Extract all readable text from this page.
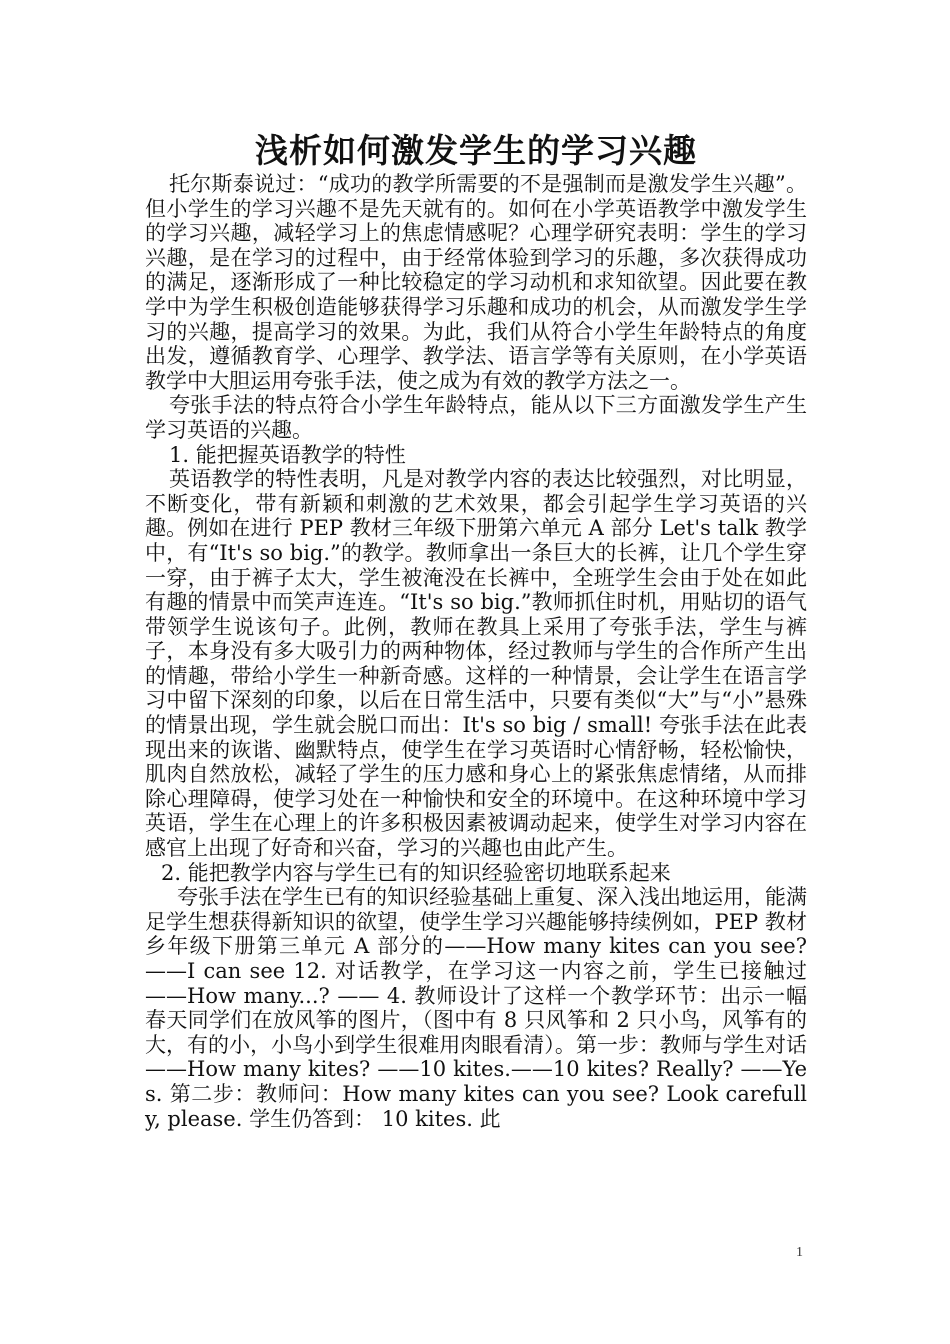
浅析如何激发学生的学习兴趣

托尔斯泰说过：“成功的教学所需要的不是强制而是激发学生兴趣”。但小学生的学习兴趣不是先天就有的。如何在小学英语教学中激发学生的学习兴趣，减轻学习上的焦虑情感呢？心理学研究表明：学生的学习兴趣，是在学习的过程中，由于经常体验到学习的乐趣，多次获得成功的满足，逐渐形成了一种比较稳定的学习动机和求知欲望。因此要在教学中为学生积极创造能够获得学习乐趣和成功的机会，从而激发学生学习的兴趣，提高学习的效果。为此，我们从符合小学生年龄特点的角度出发，遵循教育学、心理学、教学法、语言学等有关原则，在小学英语教学中大胆运用夸张手法，使之成为有效的教学方法之一。

夸张手法的特点符合小学生年龄特点，能从以下三方面激发学生产生学习英语的兴趣。

1. 能把握英语教学的特性

英语教学的特性表明，凡是对教学内容的表达比较强烈，对比明显，不断变化，带有新颖和刺激的艺术效果，都会引起学生学习英语的兴趣。例如在进行 PEP 教材三年级下册第六单元 A 部分 Let's talk 教学中，有“It's so big.”的教学。教师拿出一条巨大的长裤，让几个学生穿一穿，由于裤子太大，学生被淹没在长裤中，全班学生会由于处在如此有趣的情景中而笑声连连。“It's so big.”教师抓住时机，用贴切的语气带领学生说该句子。此例，教师在教具上采用了夸张手法，学生与裤子，本身没有多大吸引力的两种物体，经过教师与学生的合作所产生出的情趣，带给小学生一种新奇感。这样的一种情景，会让学生在语言学习中留下深刻的印象，以后在日常生活中，只要有类似“大”与“小”悬殊的情景出现，学生就会脱口而出：It's so big / small! 夸张手法在此表现出来的诙谐、幽默特点，使学生在学习英语时心情舒畅，轻松愉快，肌肉自然放松，减轻了学生的压力感和身心上的紧张焦虑情绪，从而排除心理障碍，使学习处在一种愉快和安全的环境中。在这种环境中学习英语，学生在心理上的许多积极因素被调动起来，使学生对学习内容在感官上出现了好奇和兴奋，学习的兴趣也由此产生。

2. 能把教学内容与学生已有的知识经验密切地联系起来

夸张手法在学生已有的知识经验基础上重复、深入浅出地运用，能满足学生想获得新知识的欲望，使学生学习兴趣能够持续例如，PEP 教材乡年级下册第三单元 A 部分的——How many kites can you see? ——I can see 12. 对话教学，在学习这一内容之前，学生已接触过——How many...? —— 4. 教师设计了这样一个教学环节：出示一幅春天同学们在放风筝的图片，（图中有 8 只风筝和 2 只小鸟，风筝有的大，有的小，小鸟小到学生很难用肉眼看清）。第一步：教师与学生对话 ——How many kites? ——10 kites.——10 kites? Really? ——Yes. 第二步：教师问：How many kites can you see? Look carefully, please. 学生仍答到： 10 kites. 此

1
